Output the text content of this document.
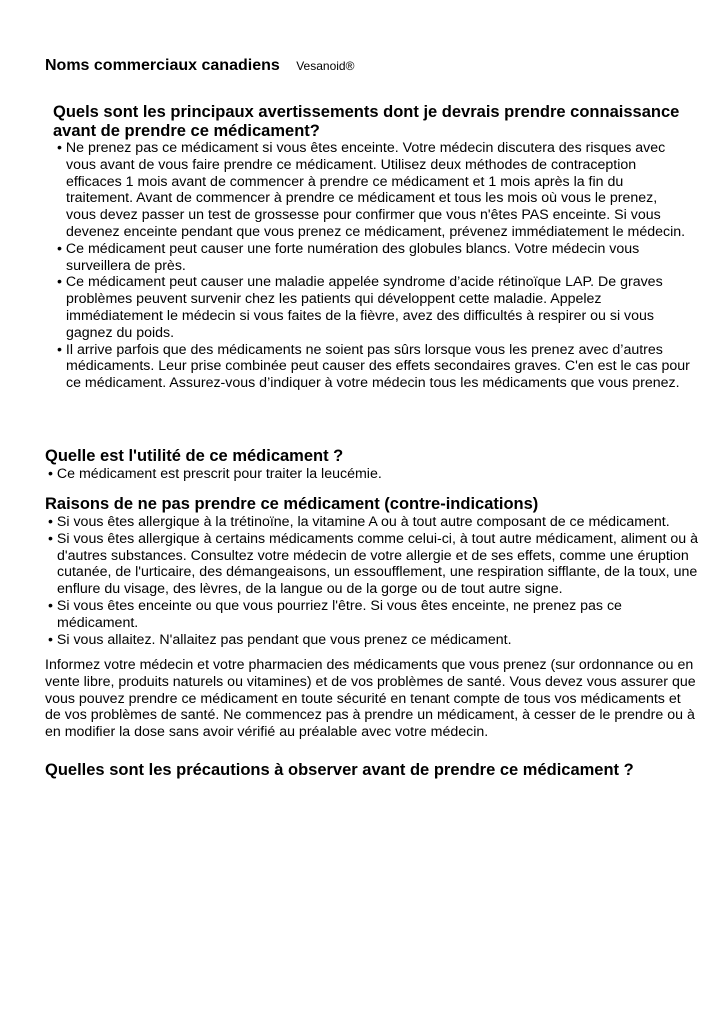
Noms commerciaux canadiens Vesanoid®
Quels sont les principaux avertissements dont je devrais prendre connaissance avant de prendre ce médicament?

• Ne prenez pas ce médicament si vous êtes enceinte. Votre médecin discutera des risques avec vous avant de vous faire prendre ce médicament. Utilisez deux méthodes de contraception efficaces 1 mois avant de commencer à prendre ce médicament et 1 mois après la fin du traitement. Avant de commencer à prendre ce médicament et tous les mois où vous le prenez, vous devez passer un test de grossesse pour confirmer que vous n'êtes PAS enceinte. Si vous devenez enceinte pendant que vous prenez ce médicament, prévenez immédiatement le médecin.

• Ce médicament peut causer une forte numération des globules blancs. Votre médecin vous surveillera de près.

• Ce médicament peut causer une maladie appelée syndrome d’acide rétinoïque LAP. De graves problèmes peuvent survenir chez les patients qui développent cette maladie. Appelez immédiatement le médecin si vous faites de la fièvre, avez des difficultés à respirer ou si vous gagnez du poids.

• Il arrive parfois que des médicaments ne soient pas sûrs lorsque vous les prenez avec d’autres médicaments. Leur prise combinée peut causer des effets secondaires graves. C'en est le cas pour ce médicament. Assurez-vous d’indiquer à votre médecin tous les médicaments que vous prenez.

Quelle est l'utilité de ce médicament ?

• Ce médicament est prescrit pour traiter la leucémie.

Raisons de ne pas prendre ce médicament (contre-indications)

• Si vous êtes allergique à la trétinoïne, la vitamine A ou à tout autre composant de ce médicament.

• Si vous êtes allergique à certains médicaments comme celui-ci, à tout autre médicament, aliment ou à d'autres substances. Consultez votre médecin de votre allergie et de ses effets, comme une éruption cutanée, de l'urticaire, des démangeaisons, un essoufflement, une respiration sifflante, de la toux, une enflure du visage, des lèvres, de la langue ou de la gorge ou de tout autre signe.

• Si vous êtes enceinte ou que vous pourriez l'être. Si vous êtes enceinte, ne prenez pas ce médicament.

• Si vous allaitez. N'allaitez pas pendant que vous prenez ce médicament.

Informez votre médecin et votre pharmacien des médicaments que vous prenez (sur ordonnance ou en vente libre, produits naturels ou vitamines) et de vos problèmes de santé. Vous devez vous assurer que vous pouvez prendre ce médicament en toute sécurité en tenant compte de tous vos médicaments et de vos problèmes de santé. Ne commencez pas à prendre un médicament, à cesser de le prendre ou à en modifier la dose sans avoir vérifié au préalable avec votre médecin.

Quelles sont les précautions à observer avant de prendre ce médicament ?
